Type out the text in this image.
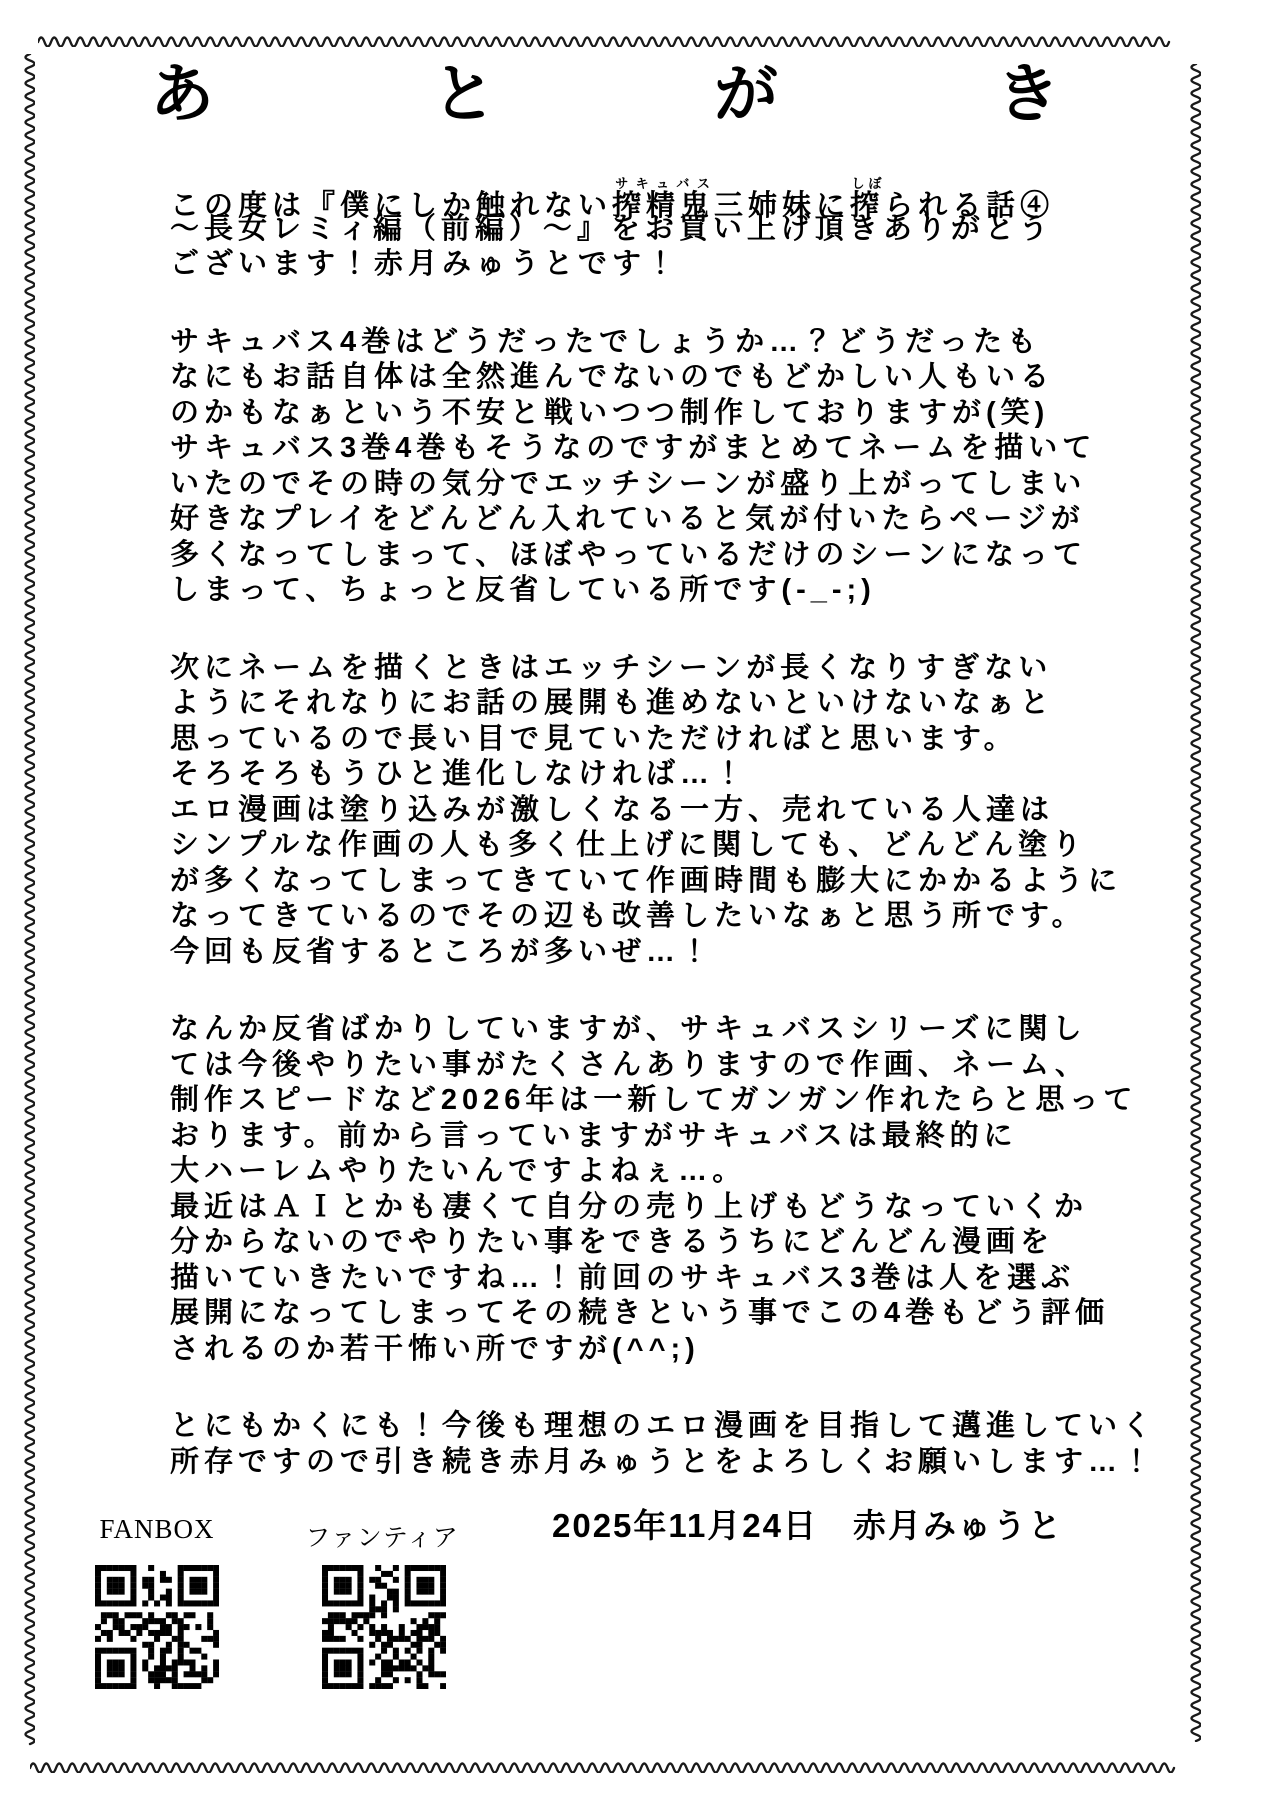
あ	と	が	き
この度は『僕にしか触れない搾精鬼サキュバス三姉妹に搾しぼられる話④
～長女レミィ編（前編）～』をお買い上げ頂きありがとう
ございます！赤月みゅうとです！
サキュバス4巻はどうだったでしょうか…？どうだったも
なにもお話自体は全然進んでないのでもどかしい人もいる
のかもなぁという不安と戦いつつ制作しておりますが(笑)
サキュバス3巻4巻もそうなのですがまとめてネームを描いて
いたのでその時の気分でエッチシーンが盛り上がってしまい
好きなプレイをどんどん入れていると気が付いたらページが
多くなってしまって、ほぼやっているだけのシーンになって
しまって、ちょっと反省している所です(-_-;)
次にネームを描くときはエッチシーンが長くなりすぎない
ようにそれなりにお話の展開も進めないといけないなぁと
思っているので長い目で見ていただければと思います。
そろそろもうひと進化しなければ…！
エロ漫画は塗り込みが激しくなる一方、売れている人達は
シンプルな作画の人も多く仕上げに関しても、どんどん塗り
が多くなってしまってきていて作画時間も膨大にかかるように
なってきているのでその辺も改善したいなぁと思う所です。
今回も反省するところが多いぜ…！
なんか反省ばかりしていますが、サキュバスシリーズに関し
ては今後やりたい事がたくさんありますので作画、ネーム、
制作スピードなど2026年は一新してガンガン作れたらと思って
おります。前から言っていますがサキュバスは最終的に
大ハーレムやりたいんですよねぇ…。
最近はＡＩとかも凄くて自分の売り上げもどうなっていくか
分からないのでやりたい事をできるうちにどんどん漫画を
描いていきたいですね…！前回のサキュバス3巻は人を選ぶ
展開になってしまってその続きという事でこの4巻もどう評価
されるのか若干怖い所ですが(^^;)
とにもかくにも！今後も理想のエロ漫画を目指して邁進していく
所存ですので引き続き赤月みゅうとをよろしくお願いします…！
FANBOX	ファンティア	2025年11月24日　赤月みゅうと
